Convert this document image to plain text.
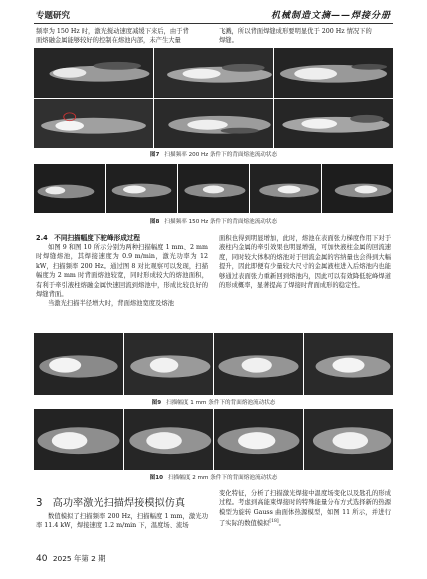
专题研究	机械制造文摘——焊接分册

频率为 150 Hz 时，激光搅动速度减缓下来后，由于背

面熔融金属能够较好的控制在熔池内部，未产生大量

飞溅，所以背面焊缝成形要明显优于 200 Hz 情况下的

焊缝。

图7 扫描频率 200 Hz 条件下的背面熔池流动状态
图8 扫描频率 150 Hz 条件下的背面熔池流动状态
2.4　不同扫描幅度下驼峰形成过程

如图 9 和图 10 所示分别为两种扫描幅度 1 mm、2 mm 时焊缝熔池，其焊接速度为 0.9 m/min，激光功率为 12 kW，扫描频率 200 Hz。通过图 8 对比观察可以发现，扫描幅度为 2 mm 时背面熔池较宽，同时形成较大的熔池面积，有利于牵引液柱熔融金属快速回流到熔池中，形成比较良好的焊缝背面。

当激光扫描半径增大时，背面熔池宽度及熔池

面积也得到明显增加，此时，熔池在表面张力梯度作用下对于液柱内金属的牵引效果也明显增强，可加快液柱金属的回流速度，同时较大体积的熔池对于回流金属的容纳量也会得到大幅提升，因此即便有少量较大尺寸的金属液柱进入后熔池内也能够通过表面张力重新回到熔池内，因此可以有效降低驼峰焊道的形成概率，显著提高了焊接时背面成形的稳定性。

图9 扫描幅度 1 mm 条件下的背面熔池流动状态
图10 扫描幅度 2 mm 条件下的背面熔池流动状态
3　高功率激光扫描焊接模拟仿真

数值模拟了扫描频率 200 Hz，扫描幅度 1 mm，激光功率 11.4 kW，焊接速度 1.2 m/min 下，温度场、流场

变化特征，分析了扫描激光焊接中温度场变化以及匙孔的形成过程。考虑到高能束焊接时的特殊能量分布方式选择新的热源模型为旋转 Gauss 曲面体热源模型，如图 11 所示，并进行了实际的数值模拟[18]。

40 2025 年第 2 期
